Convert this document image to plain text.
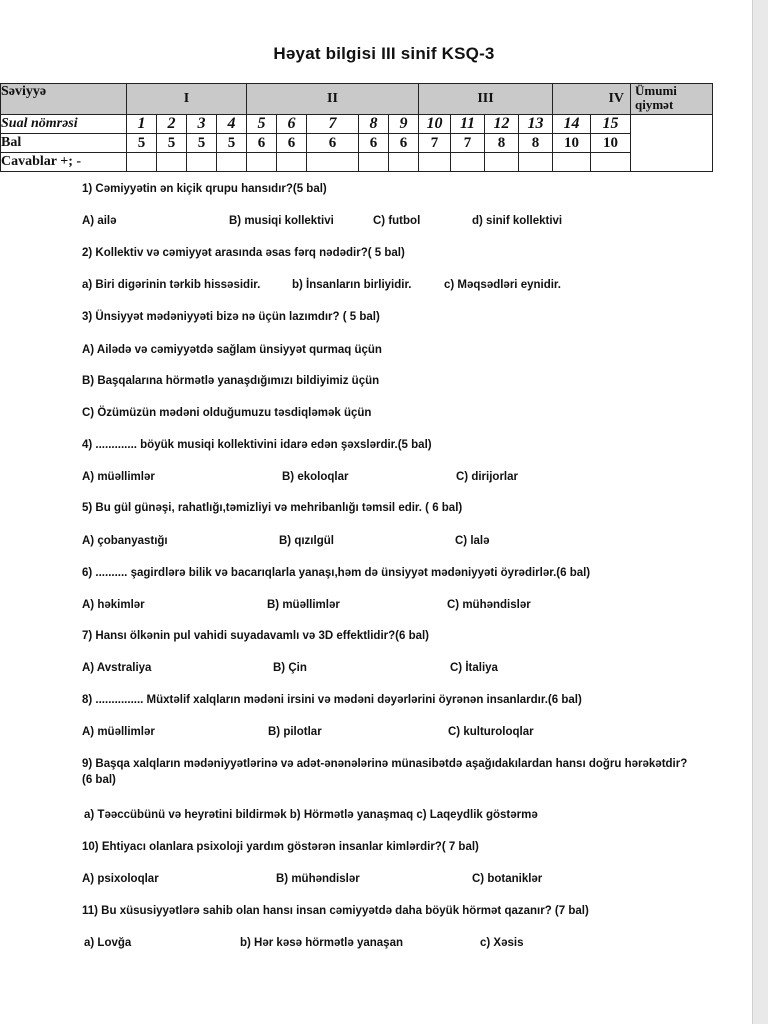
Həyat bilgisi III sinif KSQ-3
Səviyyə	I				II					III				IV		Ümumi
qiymət

Sual nömrəsi	1	2	3	4	5	6	7	8	9	10	11	12	13	14	15	
Bal	5	5	5	5	6	6	6	6	6	7	7	8	8	10	10	
Cavablar +; -																
1) Cəmiyyətin ən kiçik qrupu hansıdır?(5 bal)
A) ailə	B) musiqi kollektivi	C) futbol	d) sinif kollektivi
2) Kollektiv və cəmiyyət arasında əsas fərq nədədir?( 5 bal)
a) Biri digərinin tərkib hissəsidir.	b) İnsanların birliyidir.	c) Məqsədləri eynidir.
3) Ünsiyyət mədəniyyəti bizə nə üçün lazımdır? ( 5 bal)
A) Ailədə və cəmiyyətdə sağlam ünsiyyət qurmaq üçün
B) Başqalarına hörmətlə yanaşdığımızı bildiyimiz üçün
C) Özümüzün mədəni olduğumuzu təsdiqləmək üçün
4) ............. böyük musiqi kollektivini idarə edən şəxslərdir.(5 bal)
A) müəllimlər	B) ekoloqlar	C) dirijorlar
5) Bu gül günəşi, rahatlığı,təmizliyi və mehribanlığı təmsil edir. ( 6 bal)
A) çobanyastığı	B) qızılgül	C) lalə
6) .......... şagirdlərə bilik və bacarıqlarla yanaşı,həm də ünsiyyət mədəniyyəti öyrədirlər.(6 bal)
A) həkimlər	B) müəllimlər	C) mühəndislər
7) Hansı ölkənin pul vahidi suyadavamlı və 3D effektlidir?(6 bal)
A) Avstraliya	B) Çin	C) İtaliya
8) ............... Müxtəlif xalqların mədəni irsini və mədəni dəyərlərini öyrənən insanlardır.(6 bal)
A) müəllimlər	B) pilotlar	C) kulturoloqlar
9) Başqa xalqların mədəniyyətlərinə və adət-ənənələrinə münasibətdə aşağıdakılardan hansı doğru hərəkətdir?(6 bal)
a) Təəccübünü və heyrətini bildirmək b) Hörmətlə yanaşmaq c) Laqeydlik göstərmə
10) Ehtiyacı olanlara psixoloji yardım göstərən insanlar kimlərdir?( 7 bal)
A) psixoloqlar	B) mühəndislər	C) botaniklər
11) Bu xüsusiyyətlərə sahib olan hansı insan cəmiyyətdə daha böyük hörmət qazanır? (7 bal)
a) Lovğa	b) Hər kəsə hörmətlə yanaşan	c) Xəsis
